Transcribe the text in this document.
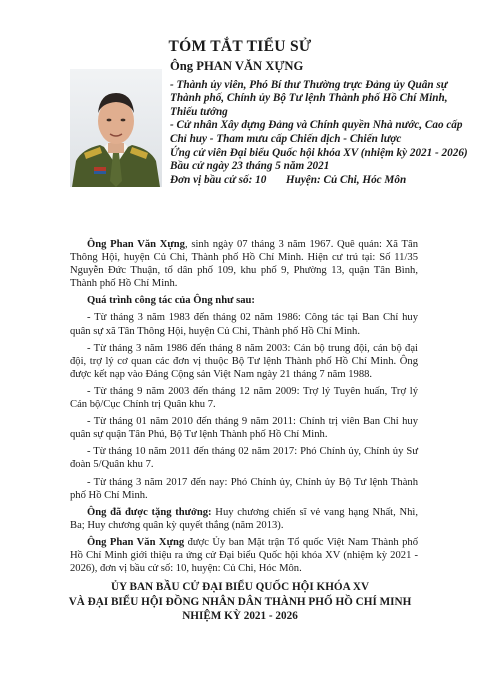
TÓM TẮT TIỂU SỬ

Ông PHAN VĂN XỰNG

- Thành ủy viên, Phó Bí thư Thường trực Đảng ủy Quân sự Thành phố, Chính ủy Bộ Tư lệnh Thành phố Hồ Chí Minh, Thiếu tướng

- Cử nhân Xây dựng Đảng và Chính quyền Nhà nước, Cao cấp Chỉ huy - Tham mưu cấp Chiến dịch - Chiến lược

Ứng cử viên Đại biểu Quốc hội khóa XV (nhiệm kỳ 2021 - 2026)

Bầu cử ngày 23 tháng 5 năm 2021

Đơn vị bầu cử số: 10 Huyện: Củ Chi, Hóc Môn

Ông Phan Văn Xựng, sinh ngày 07 tháng 3 năm 1967. Quê quán: Xã Tân Thông Hội, huyện Củ Chi, Thành phố Hồ Chí Minh. Hiện cư trú tại: Số 11/35 Nguyễn Đức Thuận, tổ dân phố 109, khu phố 9, Phường 13, quận Tân Bình, Thành phố Hồ Chí Minh.

Quá trình công tác của Ông như sau:

- Từ tháng 3 năm 1983 đến tháng 02 năm 1986: Công tác tại Ban Chỉ huy quân sự xã Tân Thông Hội, huyện Củ Chi, Thành phố Hồ Chí Minh.

- Từ tháng 3 năm 1986 đến tháng 8 năm 2003: Cán bộ trung đội, cán bộ đại đội, trợ lý cơ quan các đơn vị thuộc Bộ Tư lệnh Thành phố Hồ Chí Minh. Ông được kết nạp vào Đảng Cộng sản Việt Nam ngày 21 tháng 7 năm 1988.

- Từ tháng 9 năm 2003 đến tháng 12 năm 2009: Trợ lý Tuyên huấn, Trợ lý Cán bộ/Cục Chính trị Quân khu 7.

- Từ tháng 01 năm 2010 đến tháng 9 năm 2011: Chính trị viên Ban Chỉ huy quân sự quận Tân Phú, Bộ Tư lệnh Thành phố Hồ Chí Minh.

- Từ tháng 10 năm 2011 đến tháng 02 năm 2017: Phó Chính ủy, Chính ủy Sư đoàn 5/Quân khu 7.

- Từ tháng 3 năm 2017 đến nay: Phó Chính ủy, Chính ủy Bộ Tư lệnh Thành phố Hồ Chí Minh.

Ông đã được tặng thưởng: Huy chương chiến sĩ vẻ vang hạng Nhất, Nhì, Ba; Huy chương quân kỳ quyết thắng (năm 2013).

Ông Phan Văn Xựng được Ủy ban Mặt trận Tổ quốc Việt Nam Thành phố Hồ Chí Minh giới thiệu ra ứng cử Đại biểu Quốc hội khóa XV (nhiệm kỳ 2021 - 2026), đơn vị bầu cử số: 10, huyện: Củ Chi, Hóc Môn.

ỦY BAN BẦU CỬ ĐẠI BIỂU QUỐC HỘI KHÓA XV
VÀ ĐẠI BIỂU HỘI ĐỒNG NHÂN DÂN THÀNH PHỐ HỒ CHÍ MINH
NHIỆM KỲ 2021 - 2026
